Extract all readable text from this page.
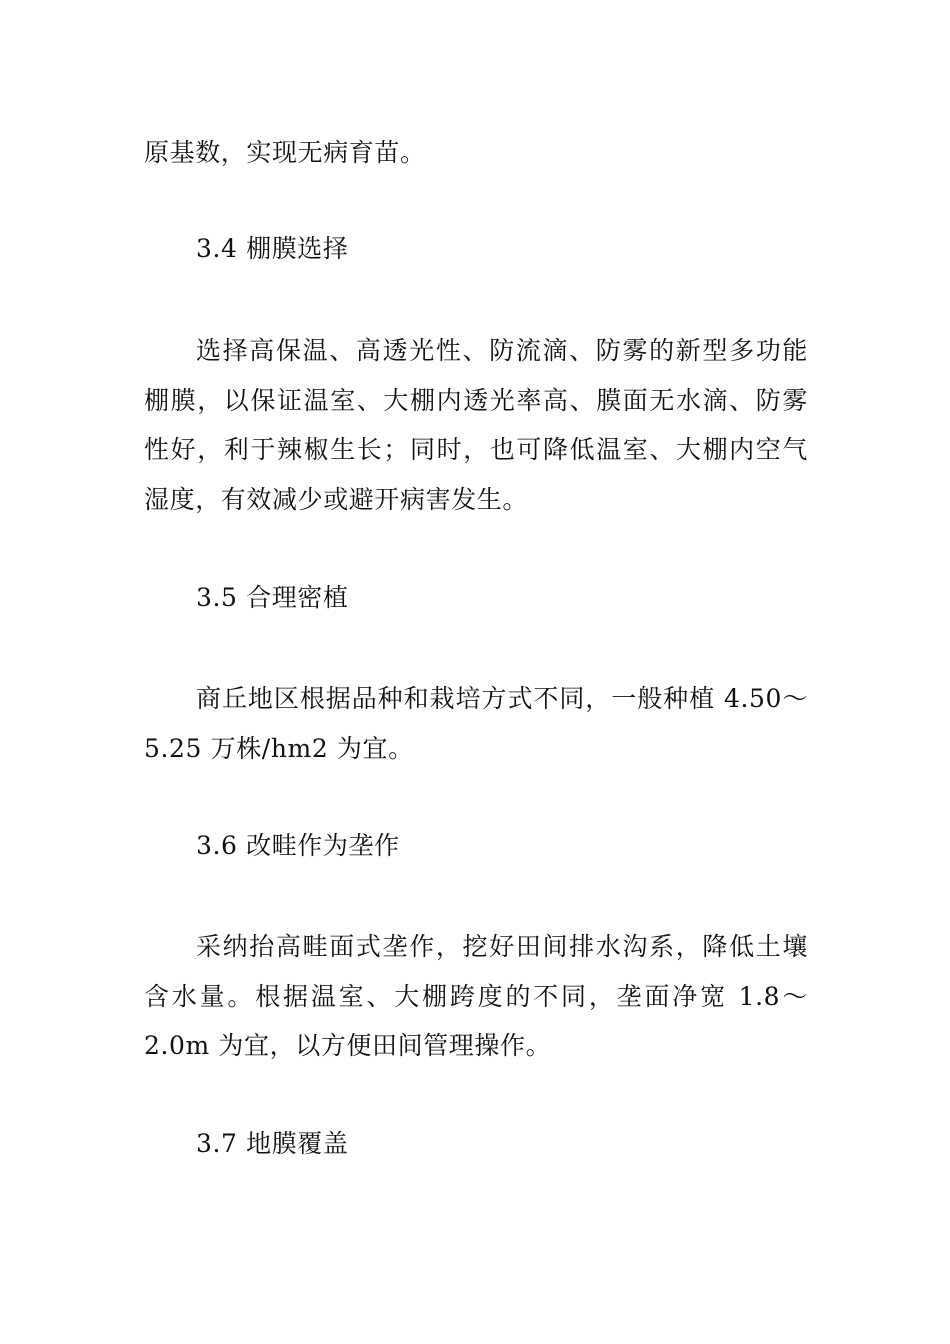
原基数，实现无病育苗。

3.4 棚膜选择

选择高保温、高透光性、防流滴、防雾的新型多功能棚膜，以保证温室、大棚内透光率高、膜面无水滴、防雾性好，利于辣椒生长；同时，也可降低温室、大棚内空气湿度，有效减少或避开病害发生。

3.5 合理密植

商丘地区根据品种和栽培方式不同，一般种植 4.50～5.25 万株/hm2 为宜。

3.6 改畦作为垄作

采纳抬高畦面式垄作，挖好田间排水沟系，降低土壤含水量。根据温室、大棚跨度的不同，垄面净宽 1.8～2.0m 为宜，以方便田间管理操作。

3.7 地膜覆盖
